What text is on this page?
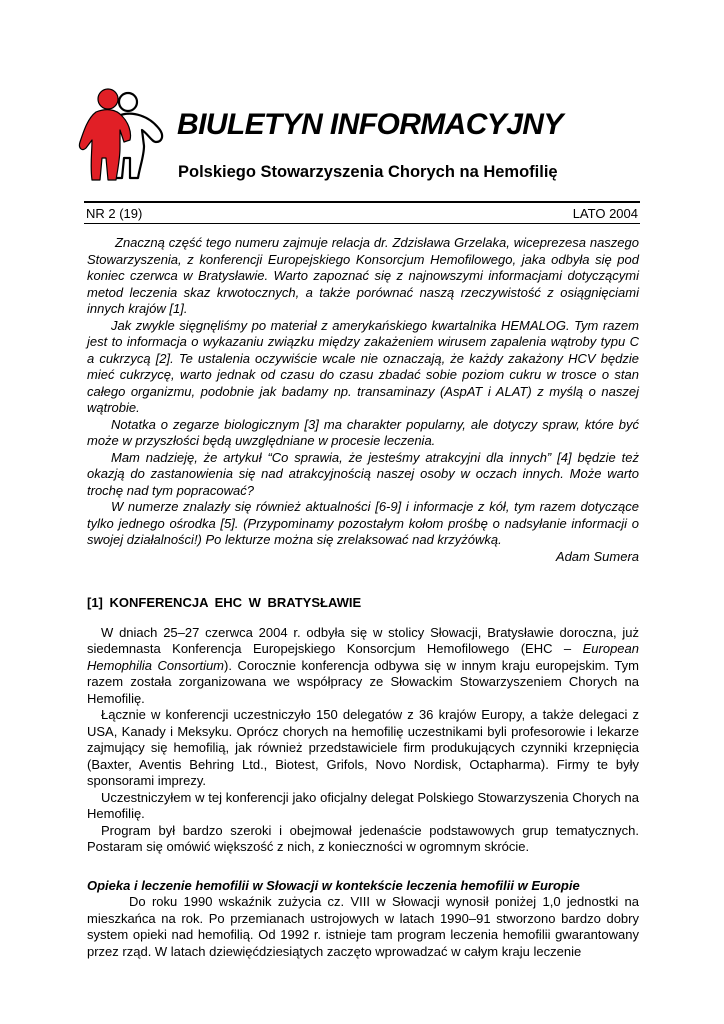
BIULETYN INFORMACYJNY
Polskiego Stowarzyszenia Chorych na Hemofilię
NR 2 (19)	LATO 2004

Znaczną część tego numeru zajmuje relacja dr. Zdzisława Grzelaka, wiceprezesa naszego Stowarzyszenia, z konferencji Europejskiego Konsorcjum Hemofilowego, jaka odbyła się pod koniec czerwca w Bratysławie. Warto zapoznać się z najnowszymi informacjami dotyczącymi metod leczenia skaz krwotocznych, a także porównać naszą rzeczywistość z osiągnięciami innych krajów [1].

Jak zwykle sięgnęliśmy po materiał z amerykańskiego kwartalnika HEMALOG. Tym razem jest to informacja o wykazaniu związku między zakażeniem wirusem zapalenia wątroby typu C a cukrzycą [2]. Te ustalenia oczywiście wcale nie oznaczają, że każdy zakażony HCV będzie mieć cukrzycę, warto jednak od czasu do czasu zbadać sobie poziom cukru w trosce o stan całego organizmu, podobnie jak badamy np. transaminazy (AspAT i ALAT) z myślą o naszej wątrobie.

Notatka o zegarze biologicznym [3] ma charakter popularny, ale dotyczy spraw, które być może w przyszłości będą uwzględniane w procesie leczenia.

Mam nadzieję, że artykuł “Co sprawia, że jesteśmy atrakcyjni dla innych” [4] będzie też okazją do zastanowienia się nad atrakcyjnością naszej osoby w oczach innych. Może warto trochę nad tym popracować?

W numerze znalazły się również aktualności [6-9] i informacje z kół, tym razem dotyczące tylko jednego ośrodka [5]. (Przypominamy pozostałym kołom prośbę o nadsyłanie informacji o swojej działalności!) Po lekturze można się zrelaksować nad krzyżówką.

Adam Sumera

[1] KONFERENCJA EHC W BRATYSŁAWIE

W dniach 25–27 czerwca 2004 r. odbyła się w stolicy Słowacji, Bratysławie doroczna, już siedemnasta Konferencja Europejskiego Konsorcjum Hemofilowego (EHC – European Hemophilia Consortium). Corocznie konferencja odbywa się w innym kraju europejskim. Tym razem została zorganizowana we współpracy ze Słowackim Stowarzyszeniem Chorych na Hemofilię.

Łącznie w konferencji uczestniczyło 150 delegatów z 36 krajów Europy, a także delegaci z USA, Kanady i Meksyku. Oprócz chorych na hemofilię uczestnikami byli profesorowie i lekarze zajmujący się hemofilią, jak również przedstawiciele firm produkujących czynniki krzepnięcia (Baxter, Aventis Behring Ltd., Biotest, Grifols, Novo Nordisk, Octapharma). Firmy te były sponsorami imprezy.

Uczestniczyłem w tej konferencji jako oficjalny delegat Polskiego Stowarzyszenia Chorych na Hemofilię.

Program był bardzo szeroki i obejmował jedenaście podstawowych grup tematycznych. Postaram się omówić większość z nich, z konieczności w ogromnym skrócie.

Opieka i leczenie hemofilii w Słowacji w kontekście leczenia hemofilii w Europie

Do roku 1990 wskaźnik zużycia cz. VIII w Słowacji wynosił poniżej 1,0 jednostki na mieszkańca na rok. Po przemianach ustrojowych w latach 1990–91 stworzono bardzo dobry system opieki nad hemofilią. Od 1992 r. istnieje tam program leczenia hemofilii gwarantowany przez rząd. W latach dziewięćdziesiątych zaczęto wprowadzać w całym kraju leczenie
